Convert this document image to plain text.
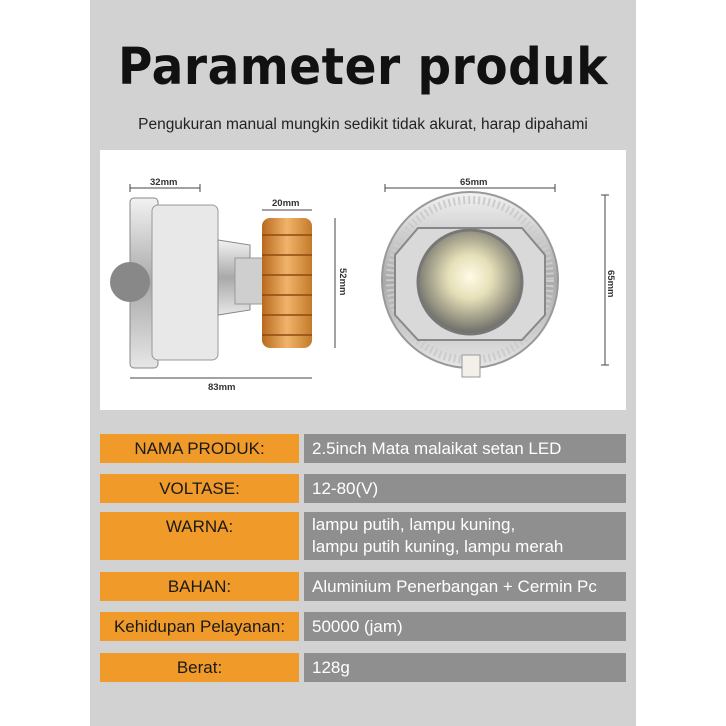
Parameter produk
Pengukuran manual mungkin sedikit tidak akurat, harap dipahami
32mm
20mm
52mm
83mm
65mm
65mm
NAMA PRODUK:	2.5inch Mata malaikat setan LED
VOLTASE:	12-80(V)
WARNA:	lampu putih, lampu kuning,
lampu putih kuning, lampu merah
BAHAN:	Aluminium Penerbangan + Cermin Pc
Kehidupan Pelayanan:	50000 (jam)
Berat:	128g
